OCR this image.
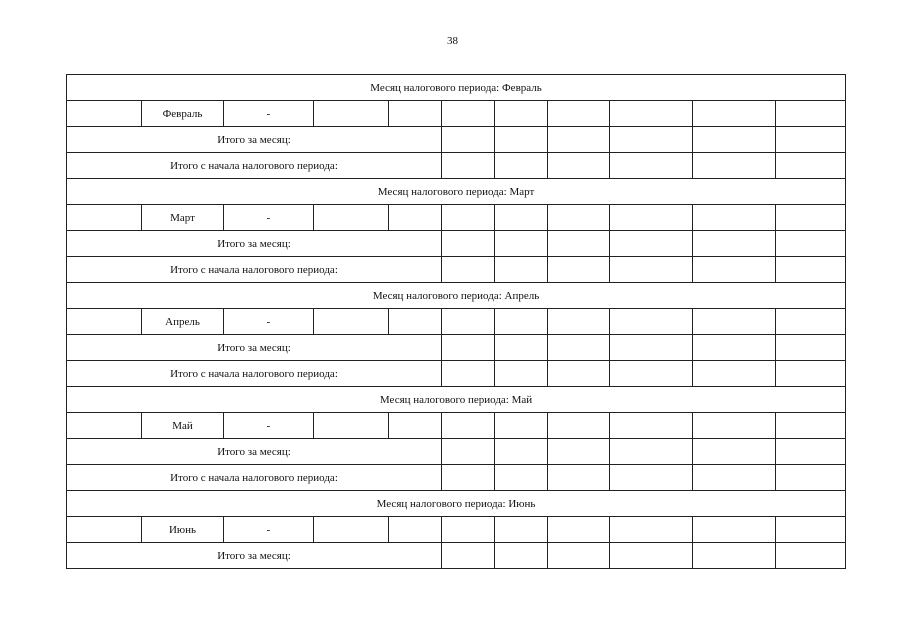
38
Месяц налогового периода: Февраль										
	Февраль	-								
Итого за месяц:										
Итого с начала налогового периода:										
Месяц налогового периода: Март										
	Март	-								
Итого за месяц:										
Итого с начала налогового периода:										
Месяц налогового периода: Апрель										
	Апрель	-								
Итого за месяц:										
Итого с начала налогового периода:										
Месяц налогового периода: Май										
	Май	-								
Итого за месяц:										
Итого с начала налогового периода:										
Месяц налогового периода: Июнь										
	Июнь	-								
Итого за месяц:										
